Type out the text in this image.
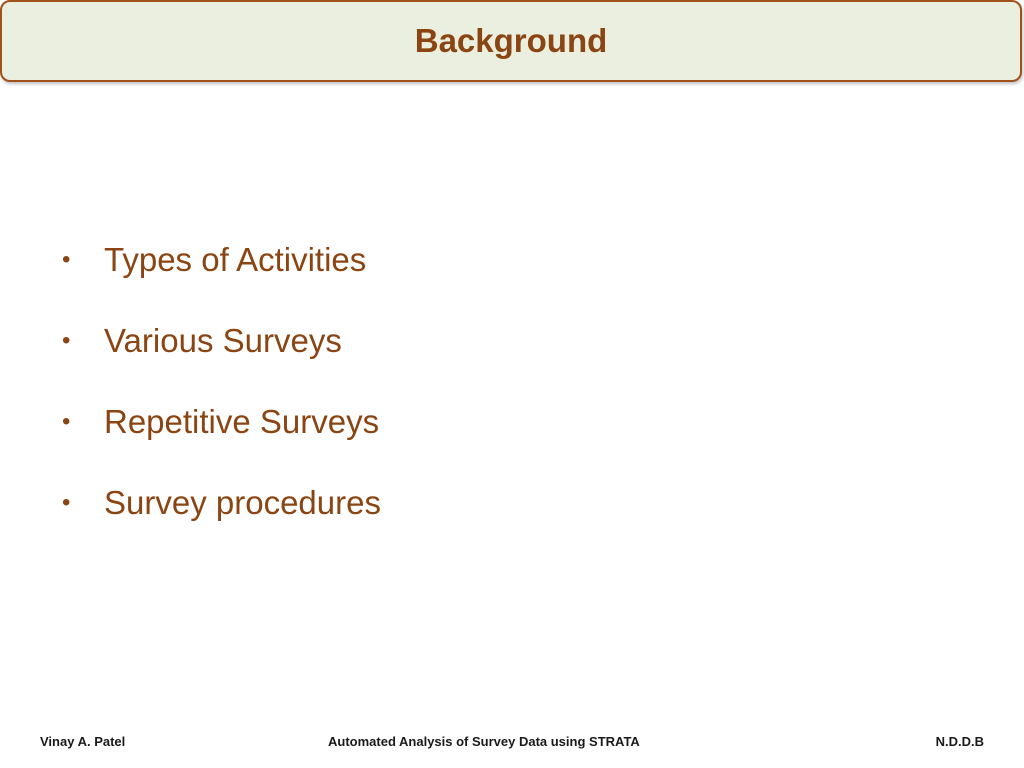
Background
•	Types of Activities
•	Various Surveys
•	Repetitive Surveys
•	Survey procedures
Vinay A. Patel	Automated Analysis of Survey Data using STRATA	N.D.D.B
